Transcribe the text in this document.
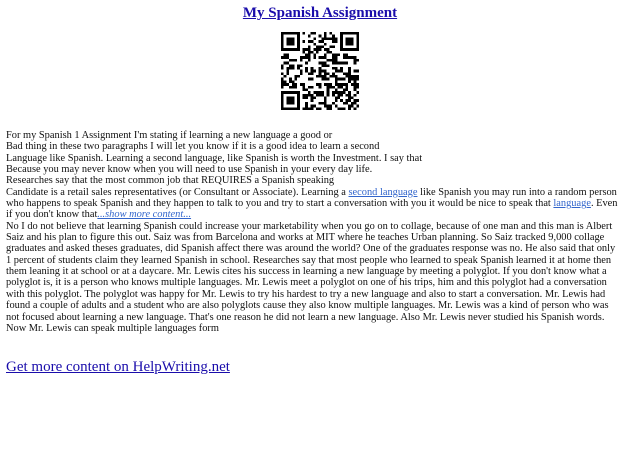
My Spanish Assignment
For my Spanish 1 Assignment I'm stating if learning a new language a good or
Bad thing in these two paragraphs I will let you know if it is a good idea to learn a second
Language like Spanish. Learning a second language, like Spanish is worth the Investment. I say that
Because you may never know when you will need to use Spanish in your every day life.
Researches say that the most common job that REQUIRES a Spanish speaking
Candidate is a retail sales representatives (or Consultant or Associate). Learning a second language like Spanish you may run into a random person who happens to speak Spanish and they happen to talk to you and try to start a conversation with you it would be nice to speak that language. Even if you don't know that...show more content...
No I do not believe that learning Spanish could increase your marketability when you go on to collage, because of one man and this man is Albert Saiz and his plan to figure this out. Saiz was from Barcelona and works at MIT where he teaches Urban planning. So Saiz tracked 9,000 collage graduates and asked theses graduates, did Spanish affect there was around the world? One of the graduates response was no. He also said that only 1 percent of students claim they learned Spanish in school. Researches say that most people who learned to speak Spanish learned it at home then them leaning it at school or at a daycare. Mr. Lewis cites his success in learning a new language by meeting a polyglot. If you don't know what a polyglot is, it is a person who knows multiple languages. Mr. Lewis meet a polyglot on one of his trips, him and this polyglot had a conversation with this polyglot. The polyglot was happy for Mr. Lewis to try his hardest to try a new language and also to start a conversation. Mr. Lewis had found a couple of adults and a student who are also polyglots cause they also know multiple languages. Mr. Lewis was a kind of person who was not focused about learning a new language. That's one reason he did not learn a new language. Also Mr. Lewis never studied his Spanish words. Now Mr. Lewis can speak multiple languages form
Get more content on HelpWriting.net
